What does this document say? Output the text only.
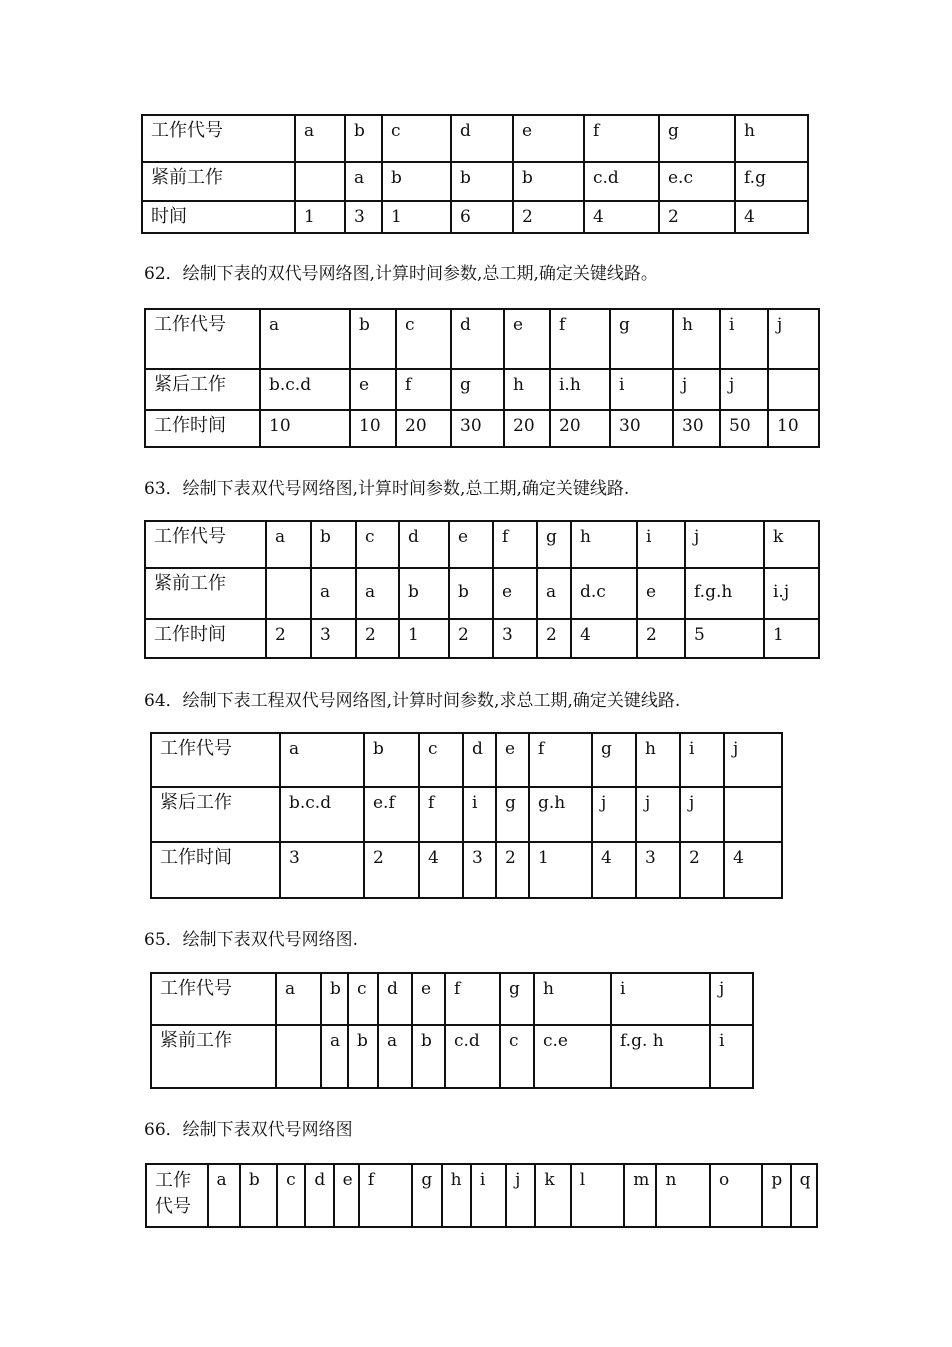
工作代号	a	b	c	d	e	f	g	h
紧前工作		a	b	b	b	c.d	e.c	f.g
时间	1	3	1	6	2	4	2	4

62．绘制下表的双代号网络图,计算时间参数,总工期,确定关键线路。

工作代号	a	b	c	d	e	f	g	h	i	j
紧后工作	b.c.d	e	f	g	h	i.h	i	j	j	
工作时间	10	10	20	30	20	20	30	30	50	10

63．绘制下表双代号网络图,计算时间参数,总工期,确定关键线路.

工作代号	a	b	c	d	e	f	g	h	i	j	k
紧前工作		a	a	b	b	e	a	d.c	e	f.g.h	i.j
工作时间	2	3	2	1	2	3	2	4	2	5	1

64．绘制下表工程双代号网络图,计算时间参数,求总工期,确定关键线路.

工作代号	a	b	c	d	e	f	g	h	i	j
紧后工作	b.c.d	e.f	f	i	g	g.h	j	j	j	
工作时间	3	2	4	3	2	1	4	3	2	4

65．绘制下表双代号网络图.

工作代号	a	b	c	d	e	f	g	h	i	j
紧前工作		a	b	a	b	c.d	c	c.e	f.g. h	i

66．绘制下表双代号网络图

工作代号	a	b	c	d	e	f	g	h	i	j	k	l	m	n	o	p	q
